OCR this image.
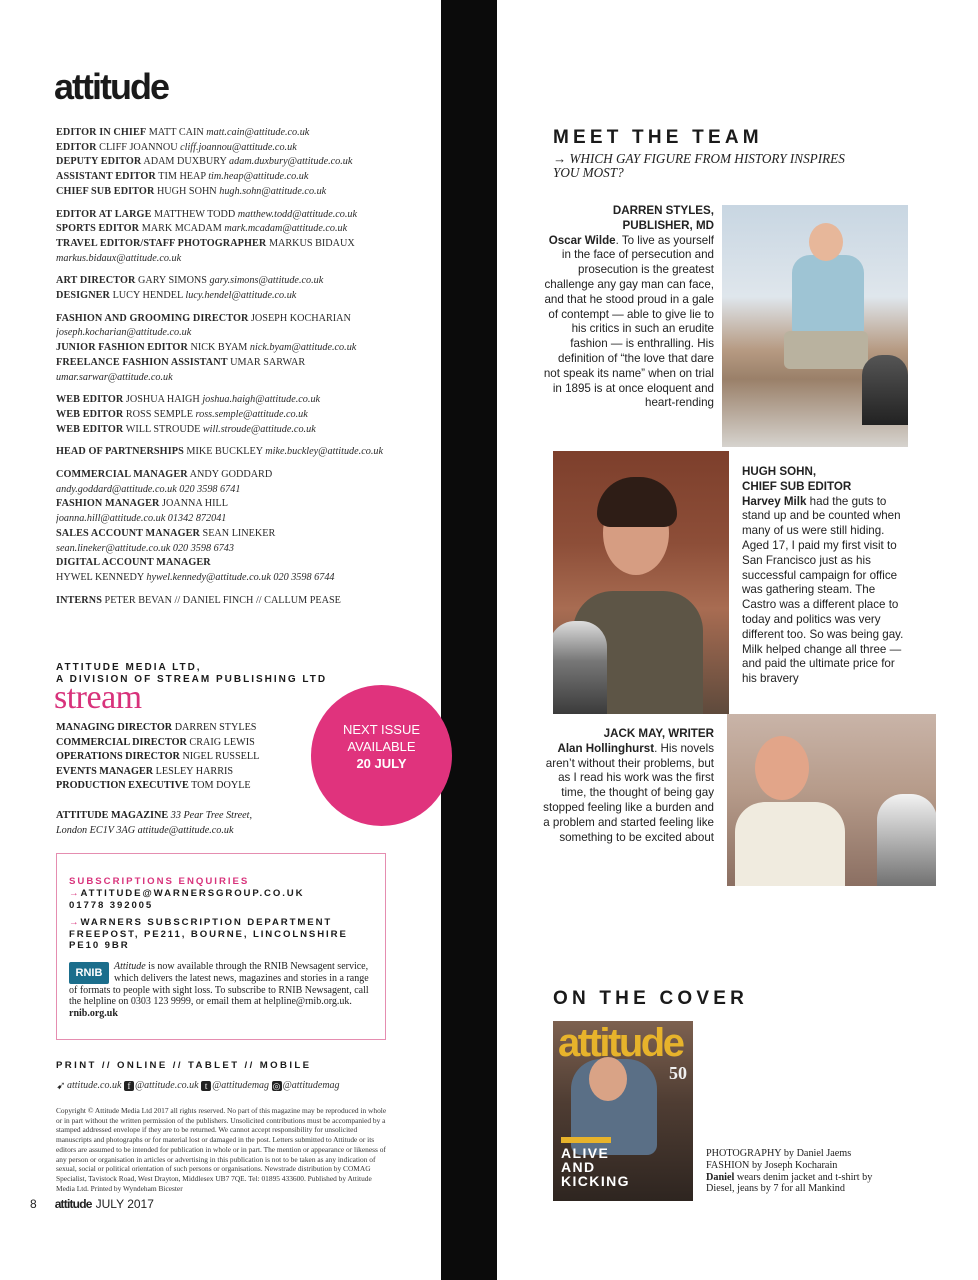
attitude
EDITOR IN CHIEF MATT CAIN matt.cain@attitude.co.uk
EDITOR CLIFF JOANNOU cliff.joannou@attitude.co.uk
DEPUTY EDITOR ADAM DUXBURY adam.duxbury@attitude.co.uk
ASSISTANT EDITOR TIM HEAP tim.heap@attitude.co.uk
CHIEF SUB EDITOR HUGH SOHN hugh.sohn@attitude.co.uk
EDITOR AT LARGE MATTHEW TODD matthew.todd@attitude.co.uk
SPORTS EDITOR MARK MCADAM mark.mcadam@attitude.co.uk
TRAVEL EDITOR/STAFF PHOTOGRAPHER MARKUS BIDAUX
markus.bidaux@attitude.co.uk
ART DIRECTOR GARY SIMONS gary.simons@attitude.co.uk
DESIGNER LUCY HENDEL lucy.hendel@attitude.co.uk
FASHION AND GROOMING DIRECTOR JOSEPH KOCHARIAN
joseph.kocharian@attitude.co.uk
JUNIOR FASHION EDITOR NICK BYAM nick.byam@attitude.co.uk
FREELANCE FASHION ASSISTANT UMAR SARWAR
umar.sarwar@attitude.co.uk
WEB EDITOR JOSHUA HAIGH joshua.haigh@attitude.co.uk
WEB EDITOR ROSS SEMPLE ross.semple@attitude.co.uk
WEB EDITOR WILL STROUDE will.stroude@attitude.co.uk
HEAD OF PARTNERSHIPS MIKE BUCKLEY mike.buckley@attitude.co.uk
COMMERCIAL MANAGER ANDY GODDARD
andy.goddard@attitude.co.uk 020 3598 6741
FASHION MANAGER JOANNA HILL
joanna.hill@attitude.co.uk 01342 872041
SALES ACCOUNT MANAGER SEAN LINEKER
sean.lineker@attitude.co.uk 020 3598 6743
DIGITAL ACCOUNT MANAGER
HYWEL KENNEDY hywel.kennedy@attitude.co.uk 020 3598 6744
INTERNS PETER BEVAN // DANIEL FINCH // CALLUM PEASE
ATTITUDE MEDIA LTD,
A DIVISION OF STREAM PUBLISHING LTD
stream
MANAGING DIRECTOR DARREN STYLES
COMMERCIAL DIRECTOR CRAIG LEWIS
OPERATIONS DIRECTOR NIGEL RUSSELL
EVENTS MANAGER LESLEY HARRIS
PRODUCTION EXECUTIVE TOM DOYLE
ATTITUDE MAGAZINE 33 Pear Tree Street,
London EC1V 3AG attitude@attitude.co.uk
NEXT ISSUE
AVAILABLE
20 JULY
SUBSCRIPTIONS ENQUIRIES
→ATTITUDE@WARNERSGROUP.CO.UK
01778 392005
→WARNERS SUBSCRIPTION DEPARTMENT
FREEPOST, PE211, BOURNE, LINCOLNSHIRE
PE10 9BR
RNIB
Attitude is now available through the RNIB Newsagent service, which delivers the latest news, magazines and stories in a range of formats to people with sight loss. To subscribe to RNIB Newsagent, call the helpline on 0303 123 9999, or email them at helpline@rnib.org.uk. rnib.org.uk
PRINT // ONLINE // TABLET // MOBILE
➹attitude.co.uk f @attitude.co.uk t @attitudemag ◎ @attitudemag
Copyright © Attitude Media Ltd 2017 all rights reserved. No part of this magazine may be reproduced in whole or in part without the written permission of the publishers. Unsolicited contributions must be accompanied by a stamped addressed envelope if they are to be returned. We cannot accept responsibility for unsolicited manuscripts and photographs or for material lost or damaged in the post. Letters submitted to Attitude or its editors are assumed to be intended for publication in whole or in part. The mention or appearance or likeness of any person or organisation in articles or advertising in this publication is not to be taken as any indication of sexual, social or political orientation of such persons or organisations. Newstrade distribution by COMAG Specialist, Tavistock Road, West Drayton, Middlesex UB7 7QE. Tel: 01895 433600. Published by Attitude Media Ltd. Printed by Wyndeham Bicester
8 attitude JULY 2017
MEET THE TEAM
→ WHICH GAY FIGURE FROM HISTORY INSPIRES YOU MOST?
DARREN STYLES,
PUBLISHER, MD
Oscar Wilde. To live as yourself in the face of persecution and prosecution is the greatest challenge any gay man can face, and that he stood proud in a gale of contempt — able to give lie to his critics in such an erudite fashion — is enthralling. His definition of “the love that dare not speak its name” when on trial in 1895 is at once eloquent and heart-rending
HUGH SOHN,
CHIEF SUB EDITOR
Harvey Milk had the guts to stand up and be counted when many of us were still hiding. Aged 17, I paid my first visit to San Francisco just as his successful campaign for office was gathering steam. The Castro was a different place to today and politics was very different too. So was being gay. Milk helped change all three — and paid the ultimate price for his bravery
JACK MAY, WRITER
Alan Hollinghurst. His novels aren’t without their problems, but as I read his work was the first time, the thought of being gay stopped feeling like a burden and a problem and started feeling like something to be excited about
ON THE COVER
attitude
50
ALIVE
AND
KICKING
PHOTOGRAPHY by Daniel Jaems
FASHION by Joseph Kocharain
Daniel wears denim jacket and t-shirt by Diesel, jeans by 7 for all Mankind
